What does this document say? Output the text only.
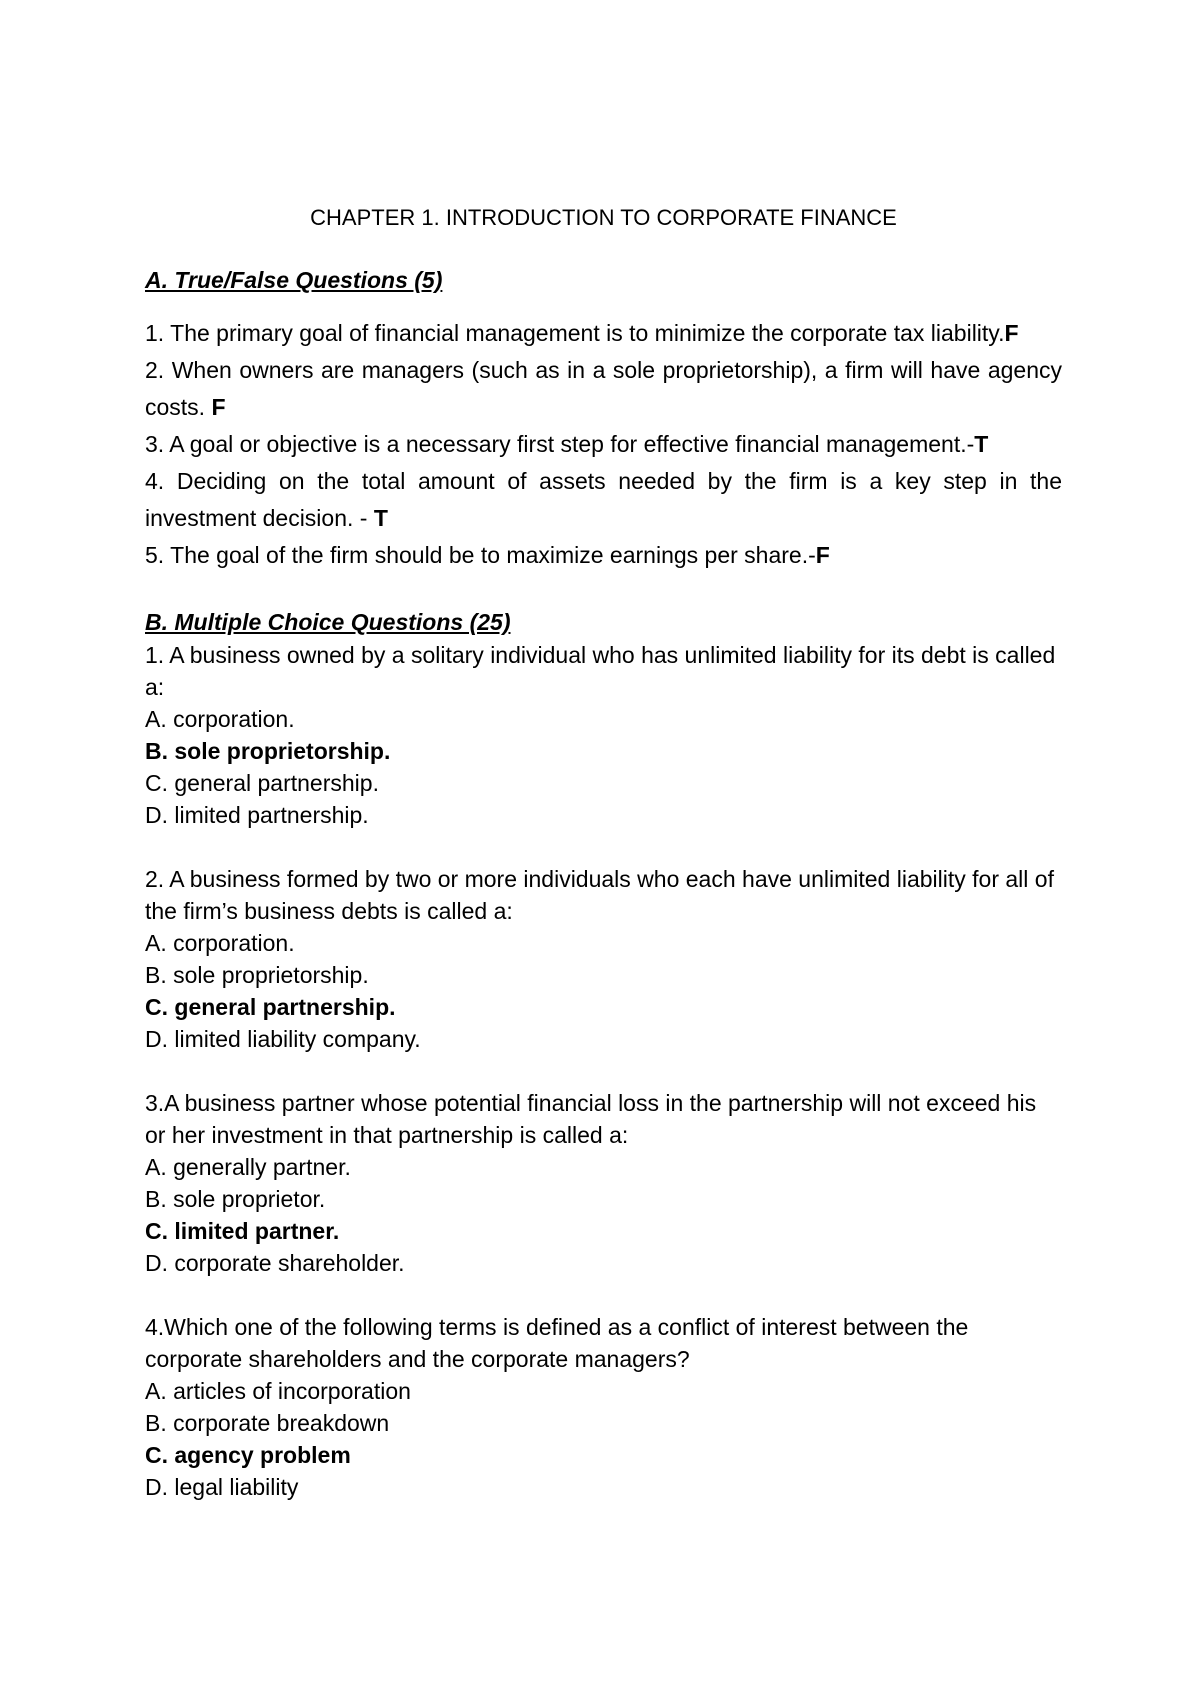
CHAPTER 1. INTRODUCTION TO CORPORATE FINANCE

A. True/False Questions (5)

1. The primary goal of financial management is to minimize the corporate tax liability.F

2. When owners are managers (such as in a sole proprietorship), a firm will have agency costs. F

3. A goal or objective is a necessary first step for effective financial management.-T

4. Deciding on the total amount of assets needed by the firm is a key step in the investment decision. - T

5. The goal of the firm should be to maximize earnings per share.-F

B. Multiple Choice Questions (25)

1. A business owned by a solitary individual who has unlimited liability for its debt is called a:

A. corporation.

B. sole proprietorship.

C. general partnership.

D. limited partnership.

2. A business formed by two or more individuals who each have unlimited liability for all of the firm’s business debts is called a:

A. corporation.

B. sole proprietorship.

C. general partnership.

D. limited liability company.

3.A business partner whose potential financial loss in the partnership will not exceed his or her investment in that partnership is called a:

A. generally partner.

B. sole proprietor.

C. limited partner.

D. corporate shareholder.

4.Which one of the following terms is defined as a conflict of interest between the corporate shareholders and the corporate managers?

A. articles of incorporation

B. corporate breakdown

C. agency problem

D. legal liability
